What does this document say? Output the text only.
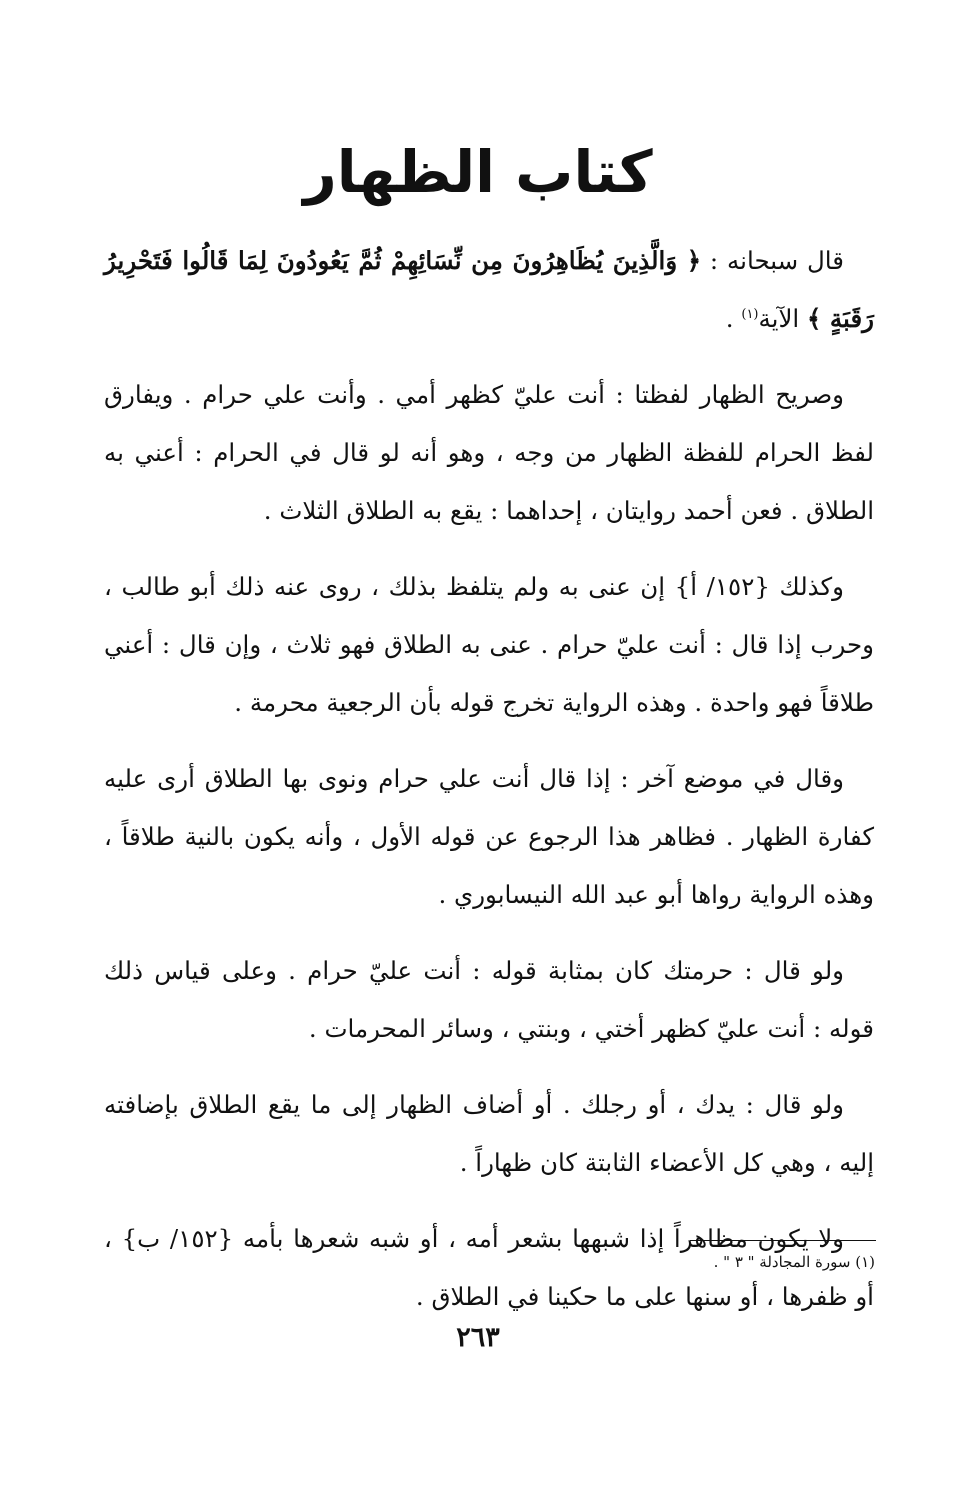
كتاب الظهار

قال سبحانه : ﴿ وَالَّذِينَ يُظَاهِرُونَ مِن نِّسَائِهِمْ ثُمَّ يَعُودُونَ لِمَا قَالُوا فَتَحْرِيرُ رَقَبَةٍ ﴾ الآية$^{(١)}$ .

وصريح الظهار لفظتا : أنت عليّ كظهر أمي . وأنت علي حرام . ويفارق لفظ الحرام للفظة الظهار من وجه ، وهو أنه لو قال في الحرام : أعني به الطلاق . فعن أحمد روايتان ، إحداهما : يقع به الطلاق الثلاث .

وكذلك {١٥٢/ أ} إن عنى به ولم يتلفظ بذلك ، روى عنه ذلك أبو طالب ، وحرب إذا قال : أنت عليّ حرام . عنى به الطلاق فهو ثلاث ، وإن قال : أعني طلاقاً فهو واحدة . وهذه الرواية تخرج قوله بأن الرجعية محرمة .

وقال في موضع آخر : إذا قال أنت علي حرام ونوى بها الطلاق أرى عليه كفارة الظهار . فظاهر هذا الرجوع عن قوله الأول ، وأنه يكون بالنية طلاقاً ، وهذه الرواية رواها أبو عبد الله النيسابوري .

ولو قال : حرمتك كان بمثابة قوله : أنت عليّ حرام . وعلى قياس ذلك قوله : أنت عليّ كظهر أختي ، وبنتي ، وسائر المحرمات .

ولو قال : يدك ، أو رجلك . أو أضاف الظهار إلى ما يقع الطلاق بإضافته إليه ، وهي كل الأعضاء الثابتة كان ظهاراً .

ولا يكون مظاهراً إذا شبهها بشعر أمه ، أو شبه شعرها بأمه {١٥٢/ ب} ، أو ظفرها ، أو سنها على ما حكينا في الطلاق .

(١) سورة المجادلة " ٣ " .

٢٦٣
